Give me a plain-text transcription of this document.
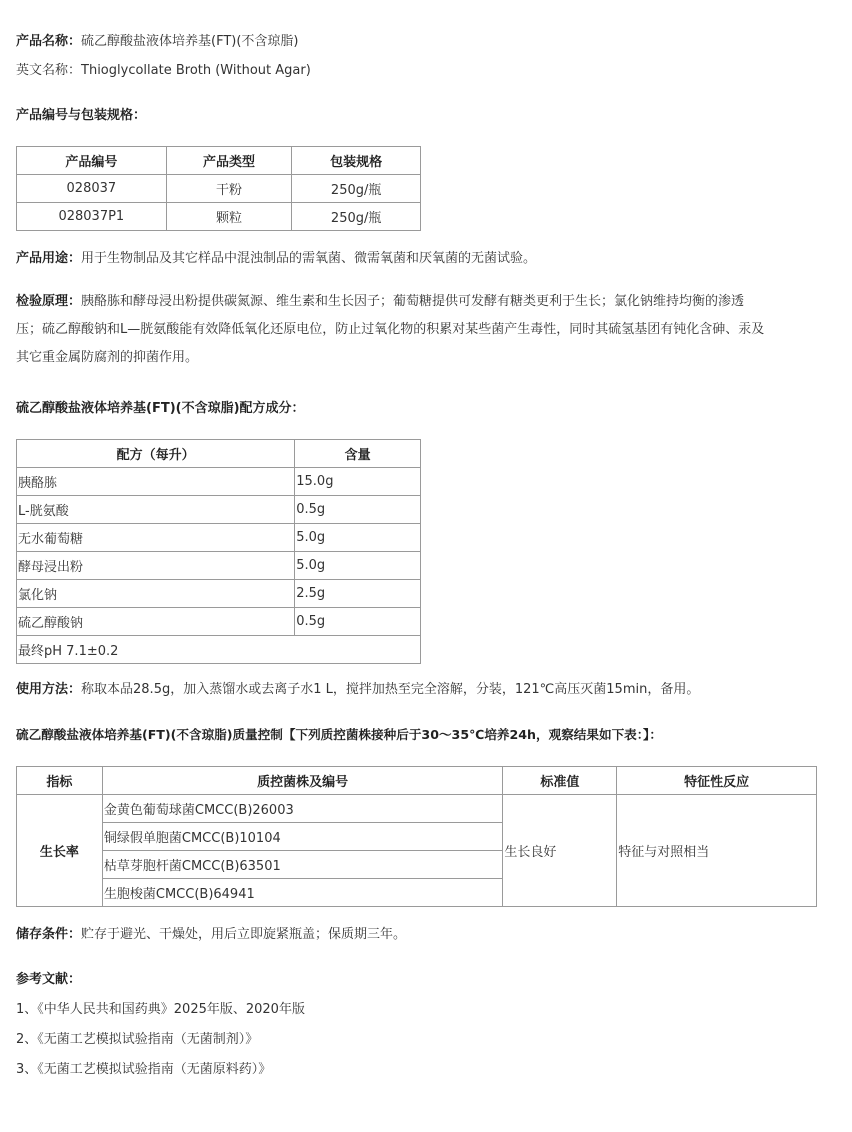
产品名称：硫乙醇酸盐液体培养基(FT)(不含琼脂)
英文名称：Thioglycollate Broth (Without Agar)
产品编号与包装规格：
产品编号	产品类型	包装规格
028037	干粉	250g/瓶
028037P1	颗粒	250g/瓶
产品用途：用于生物制品及其它样品中混浊制品的需氧菌、微需氧菌和厌氧菌的无菌试验。
检验原理：胰酪胨和酵母浸出粉提供碳氮源、维生素和生长因子；葡萄糖提供可发酵有糖类更利于生长；氯化钠维持均衡的渗透
压；硫乙醇酸钠和L—胱氨酸能有效降低氧化还原电位，防止过氧化物的积累对某些菌产生毒性，同时其硫氢基团有钝化含砷、汞及
其它重金属防腐剂的抑菌作用。
硫乙醇酸盐液体培养基(FT)(不含琼脂)配方成分：
配方（每升）	含量
胰酪胨	15.0g
L-胱氨酸	0.5g
无水葡萄糖	5.0g
酵母浸出粉	5.0g
氯化钠	2.5g
硫乙醇酸钠	0.5g
最终pH 7.1±0.2	
使用方法：称取本品28.5g，加入蒸馏水或去离子水1 L，搅拌加热至完全溶解，分装，121℃高压灭菌15min，备用。
硫乙醇酸盐液体培养基(FT)(不含琼脂)质量控制【下列质控菌株接种后于30～35℃培养24h，观察结果如下表：】：
指标	质控菌株及编号	标准值	特征性反应
生长率	金黄色葡萄球菌CMCC(B)26003	生长良好	特征与对照相当
	铜绿假单胞菌CMCC(B)10104		
	枯草芽胞杆菌CMCC(B)63501		
	生胞梭菌CMCC(B)64941		
储存条件：贮存于避光、干燥处，用后立即旋紧瓶盖；保质期三年。
参考文献：
1、《中华人民共和国药典》2025年版、2020年版
2、《无菌工艺模拟试验指南（无菌制剂）》
3、《无菌工艺模拟试验指南（无菌原料药）》
